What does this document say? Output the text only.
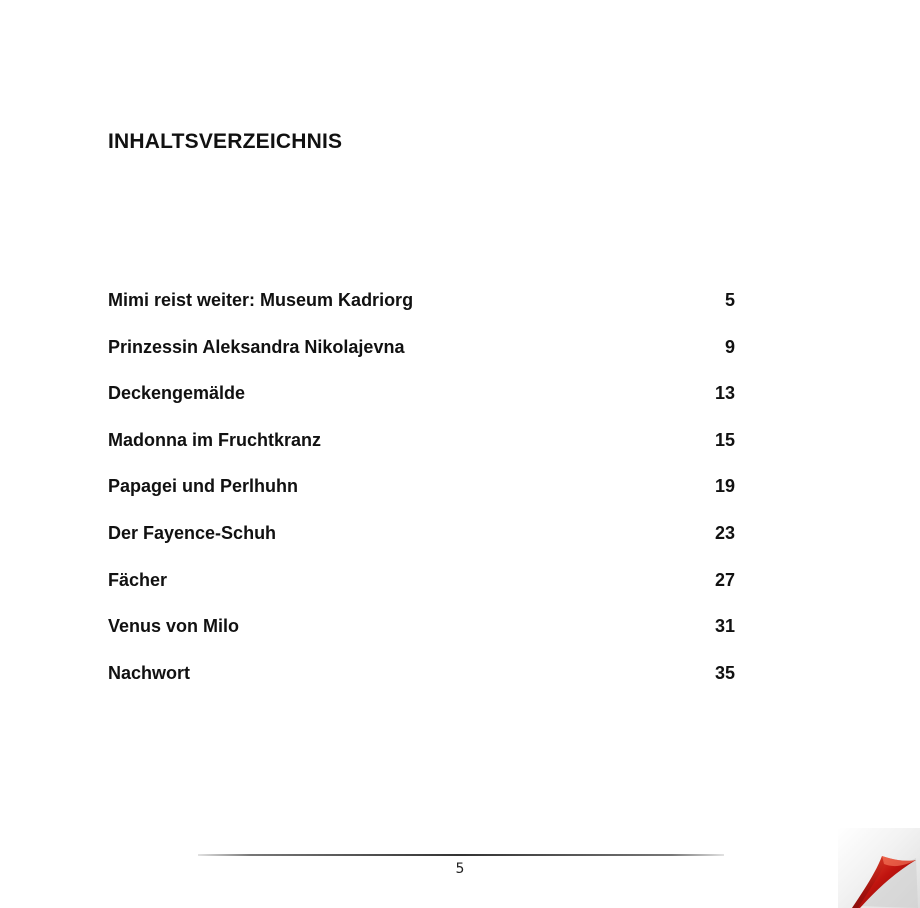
INHALTSVERZEICHNIS
Mimi reist weiter: Museum Kadriorg	5
Prinzessin Aleksandra Nikolajevna	9
Deckengemälde	13
Madonna im Fruchtkranz	15
Papagei und Perlhuhn	19
Der Fayence-Schuh	23
Fächer	27
Venus von Milo	31
Nachwort	35
5
